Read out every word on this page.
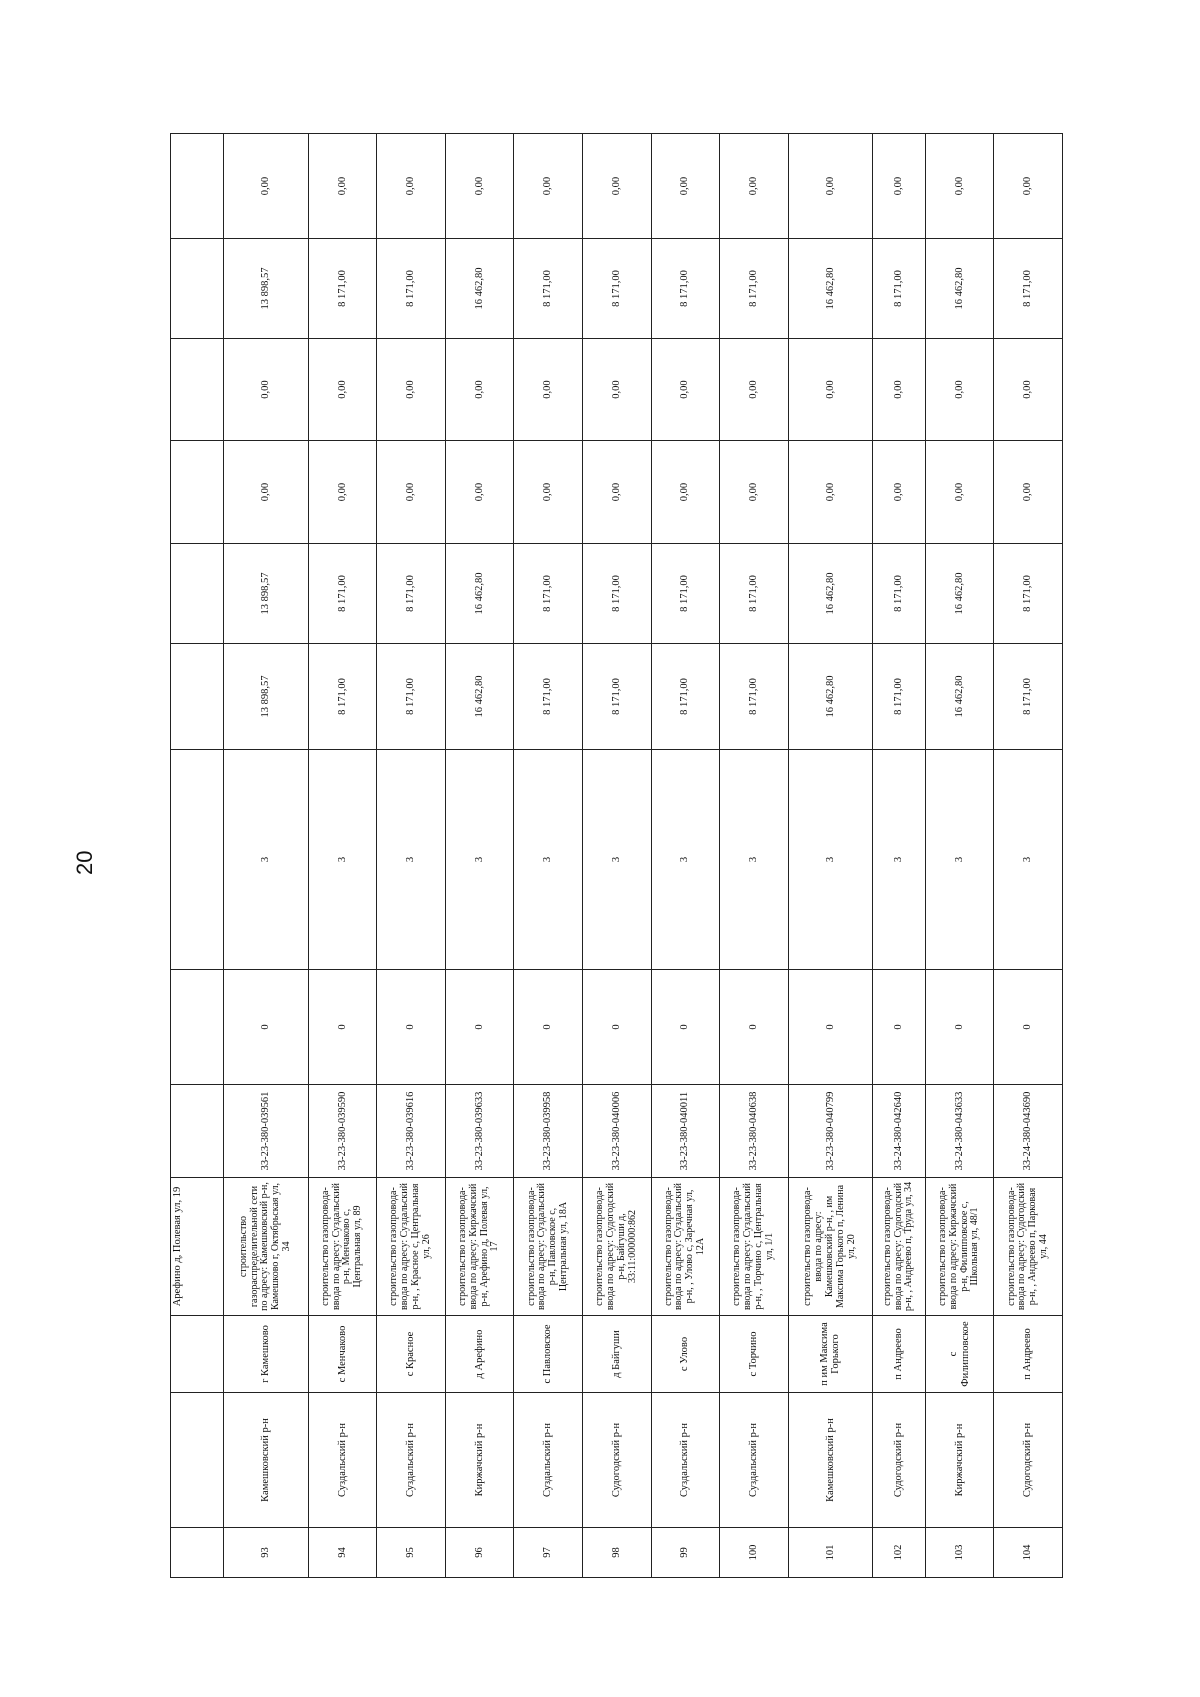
20
			Арефино д, Полевая ул, 19									
93	Камешковский р-н	г Камешково	строительство газораспределительной сети по адресу: Камешковский р-н, Камешково г, Октябрьская ул, 34	33-23-380-039561	0	3	13 898,57	13 898,57	0,00	0,00	13 898,57	0,00
94	Суздальский р-н	с Менчаково	строительство газопровода-ввода по адресу: Суздальский р-н, Менчаково с, Центральная ул, 89	33-23-380-039590	0	3	8 171,00	8 171,00	0,00	0,00	8 171,00	0,00
95	Суздальский р-н	с Красное	строительство газопровода-ввода по адресу: Суздальский р-н, , Красное с, Центральная ул, 26	33-23-380-039616	0	3	8 171,00	8 171,00	0,00	0,00	8 171,00	0,00
96	Киржачский р-н	д Арефино	строительство газопровода-ввода по адресу: Киржачский р-н, Арефино д, Полевая ул, 17	33-23-380-039633	0	3	16 462,80	16 462,80	0,00	0,00	16 462,80	0,00
97	Суздальский р-н	с Павловское	строительство газопровода-ввода по адресу: Суздальский р-н, Павловское с, Центральная ул, 18А	33-23-380-039958	0	3	8 171,00	8 171,00	0,00	0,00	8 171,00	0,00
98	Судогодский р-н	д Байгуши	строительство газопровода-ввода по адресу: Судогодский р-н, Байгуши д, 33:11:000000:862	33-23-380-040006	0	3	8 171,00	8 171,00	0,00	0,00	8 171,00	0,00
99	Суздальский р-н	с Улово	строительство газопровода-ввода по адресу: Суздальский р-н, , Улово с, Заречная ул, 12А	33-23-380-040011	0	3	8 171,00	8 171,00	0,00	0,00	8 171,00	0,00
100	Суздальский р-н	с Торчино	строительство газопровода-ввода по адресу: Суздальский р-н, , Торчино с, Центральная ул, 1/1	33-23-380-040638	0	3	8 171,00	8 171,00	0,00	0,00	8 171,00	0,00
101	Камешковский р-н	п им Максима Горького	строительство газопровода-ввода по адресу: Камешковский р-н, , им Максима Горького п, Ленина ул, 20	33-23-380-040799	0	3	16 462,80	16 462,80	0,00	0,00	16 462,80	0,00
102	Судогодский р-н	п Андреево	строительство газопровода-ввода по адресу: Судогодский р-н, , Андреево п, Труда ул, 34	33-24-380-042640	0	3	8 171,00	8 171,00	0,00	0,00	8 171,00	0,00
103	Киржачский р-н	с Филипповское	строительство газопровода-ввода по адресу: Киржачский р-н, Филипповское с, Школьная ул, 48/1	33-24-380-043633	0	3	16 462,80	16 462,80	0,00	0,00	16 462,80	0,00
104	Судогодский р-н	п Андреево	строительство газопровода-ввода по адресу: Судогодский р-н, , Андреево п, Парковая ул, 44	33-24-380-043690	0	3	8 171,00	8 171,00	0,00	0,00	8 171,00	0,00
